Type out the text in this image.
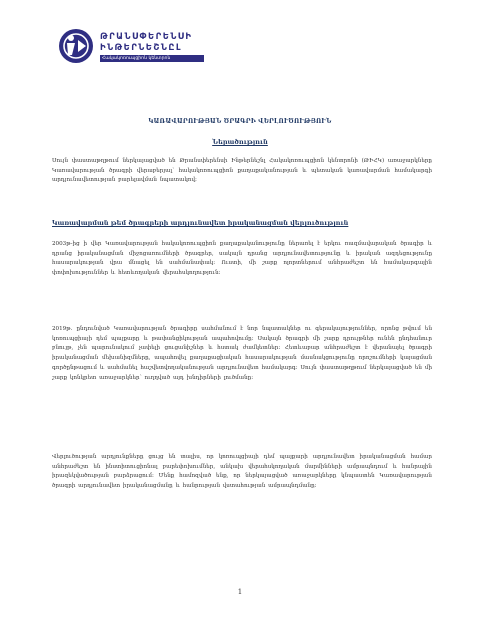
ԹՐԱՆՍՓԵՐԵՆՍԻ
ԻՆԹԵՐՆԵՇՆԸԼ
Հակակոռուպցիոն կենտրոն
ԿԱՌԱՎԱՐՈՒԹՅԱՆ ԾՐԱԳՐԻ ՎԵՐԼՈՒԾՈՒԹՅՈՒՆ
Ներածություն
Սույն փաստաթղթում ներկայացված են Թրանսփերենսի Ինթերնեշնլ Հակակոռուպցիոն կենտրոնի (ԹԻՀԿ) առաջարկները Կառավարության ծրագրի վերաբերյալ՝ հակակոռուպցիոն քաղաքականության և պետական կառավարման համակարգի արդյունավետության բարելավման նպատակով։
Կառավարման թեմ ծրագրերի արդյունավետ իրականացման վերլուծություն
2003թ-ից ի վեր Կառավարության հակակոռուպցիոն քաղաքականությունը ներառել է երկու ռազմավարական ծրագիր և դրանց իրականացման միջոցառումների ծրագրեր, սակայն դրանց արդյունավետությունը և իրական ազդեցությունը հասարակության վրա մնացել են սահմանափակ։ Ուստի, մի շարք ոլորտներում անհրաժեշտ են համակարգային փոփոխություններ և հետևողական վերահսկողություն։
2019թ. ընդունված Կառավարության ծրագիրը սահմանում է նոր նպատակներ ու գերակայություններ, որոնց թվում են կոռուպցիայի դեմ պայքարը և թափանցիկության ապահովումը։ Սակայն ծրագրի մի շարք դրույթներ ունեն ընդհանուր բնույթ, չեն պարունակում չափելի ցուցանիշներ և հստակ ժամկետներ։ Հետևաբար անհրաժեշտ է վերանայել ծրագրի իրականացման մեխանիզմները, ապահովել քաղաքացիական հասարակության մասնակցությունը որոշումների կայացման գործընթացում և սահմանել հաշվետվողականության արդյունավետ համակարգ։ Սույն փաստաթղթում ներկայացված են մի շարք կոնկրետ առաջարկներ՝ ուղղված այդ խնդիրների լուծմանը։
Վերլուծության արդյունքները ցույց են տալիս, որ կոռուպցիայի դեմ պայքարի արդյունավետ իրականացման համար անհրաժեշտ են ինստիտուցիոնալ բարեփոխումներ, անկախ վերահսկողական մարմինների ամրապնդում և հանրային իրազեկվածության բարձրացում։ Մենք համոզված ենք, որ ներկայացված առաջարկները կնպաստեն Կառավարության ծրագրի արդյունավետ իրականացմանը և հանրության վստահության ամրապնդմանը։
1
